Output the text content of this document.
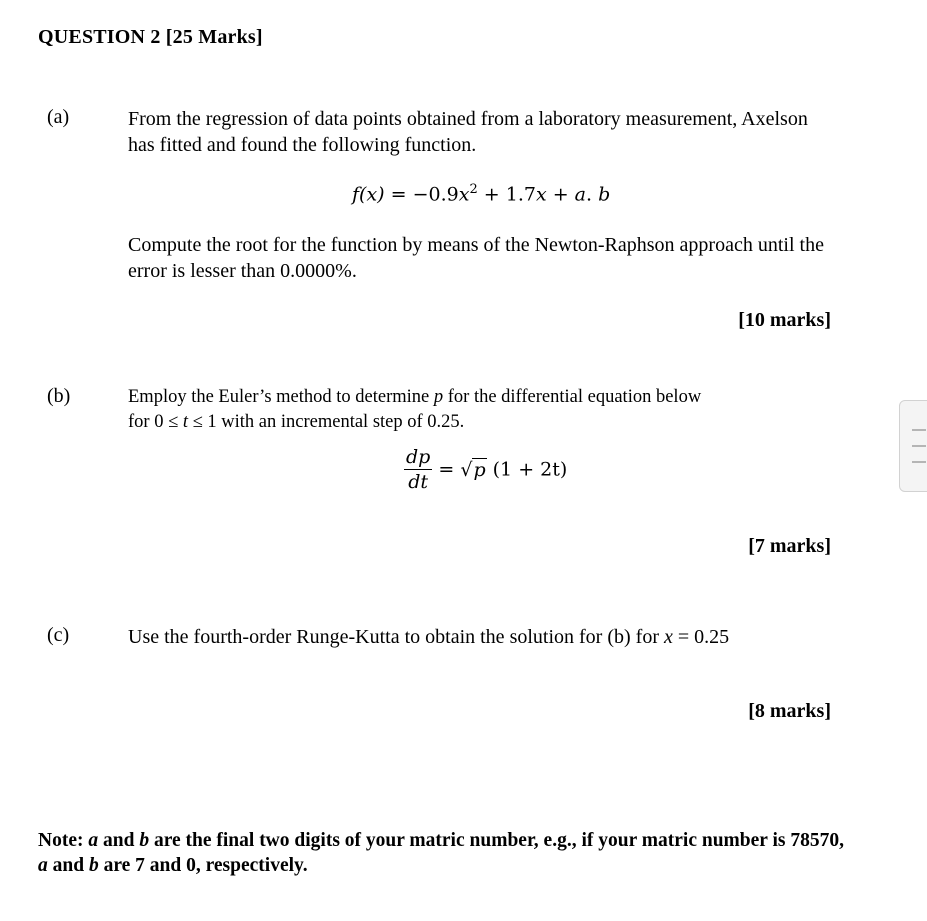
QUESTION 2 [25 Marks]
(a)	From the regression of data points obtained from a laboratory measurement, Axelson has fitted and found the following function.
$f(x) = -0.9x^2 + 1.7x + a$. b
Compute the root for the function by means of the Newton-Raphson approach until the error is lesser than 0.0000%.
[10 marks]
(b)	Employ the Euler’s method to determine p for the differential equation below
for 0 ≤ t ≤ 1 with an incremental step of 0.25.
$\frac{dp}{dt} = √p$ (1 + 2t)
[7 marks]
(c)	Use the fourth-order Runge-Kutta to obtain the solution for (b) for x = 0.25
[8 marks]
Note: a and b are the final two digits of your matric number, e.g., if your matric number is 78570, a and b are 7 and 0, respectively.
